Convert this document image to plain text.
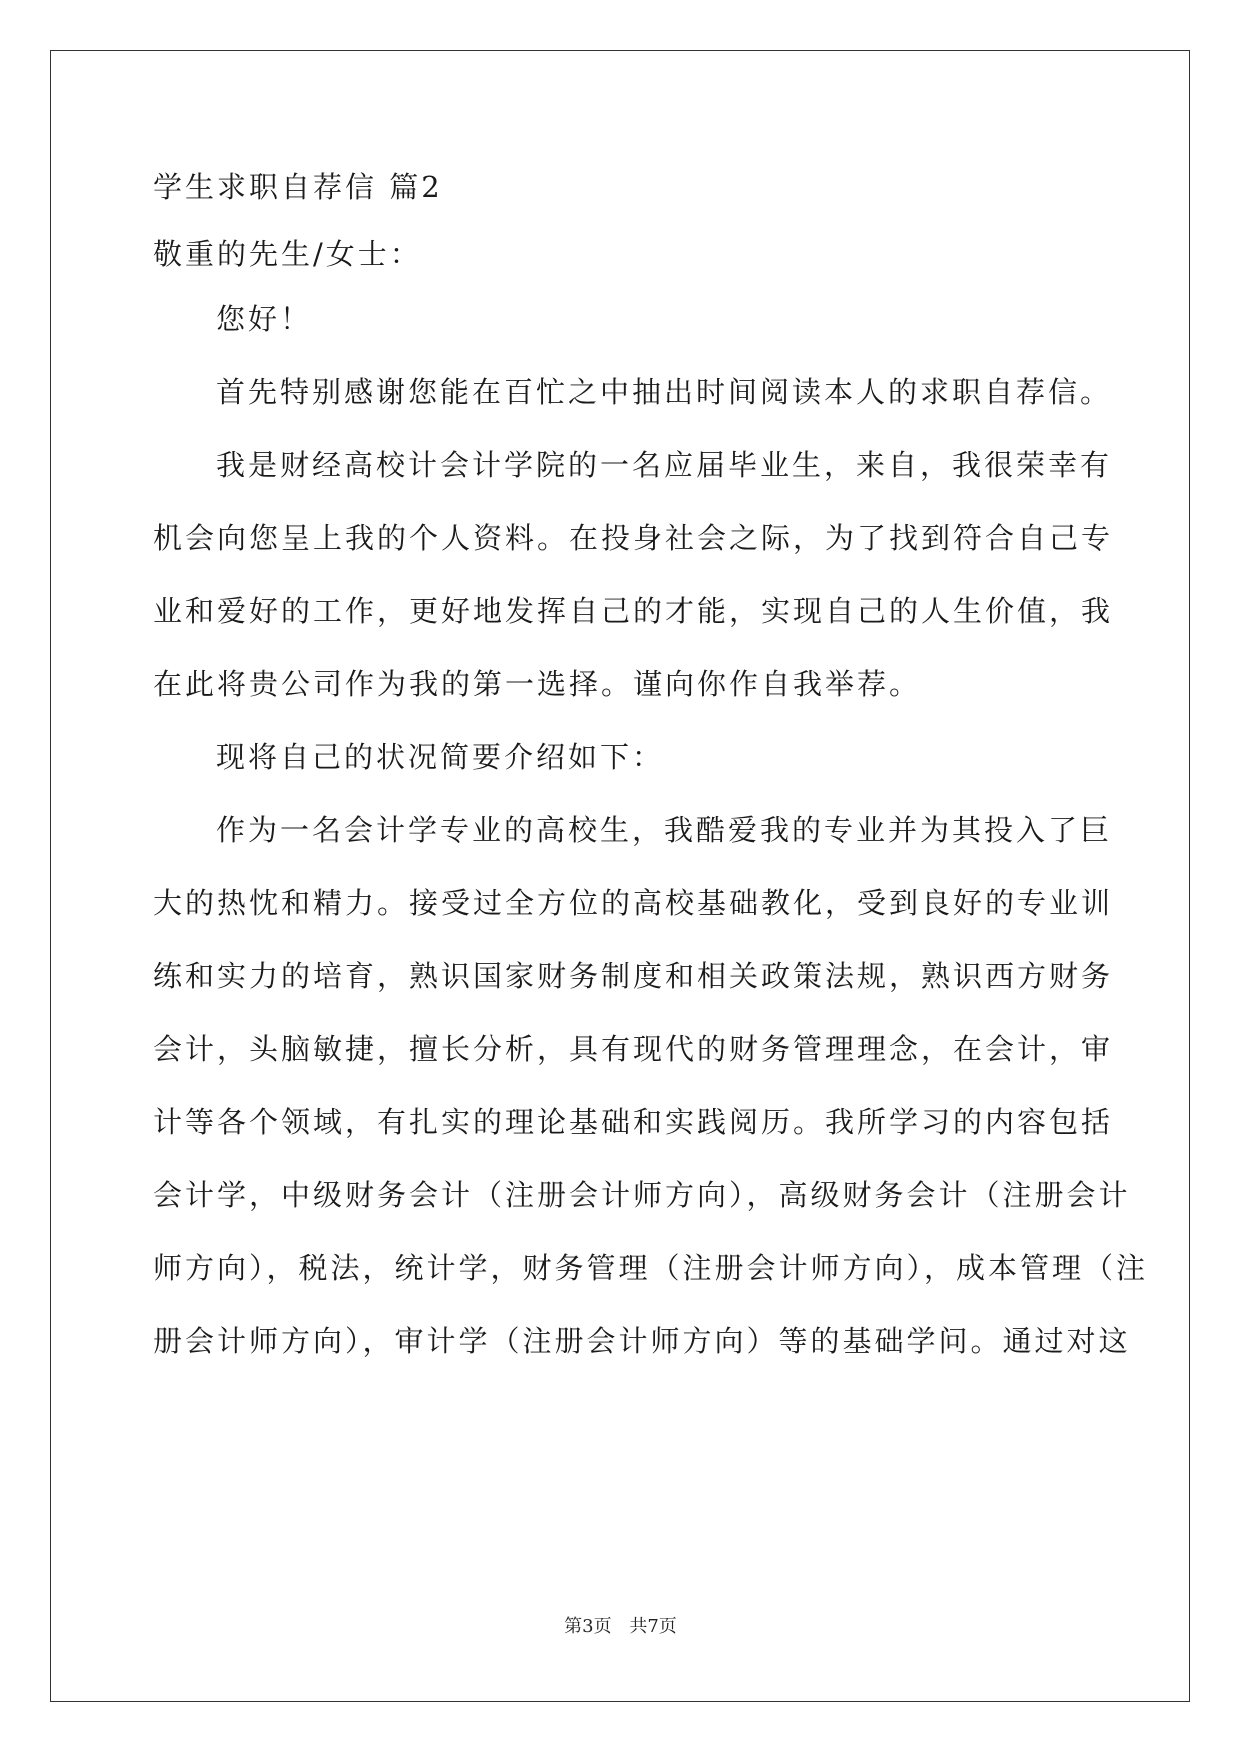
学生求职自荐信 篇2
敬重的先生/女士：
您好！
首先特别感谢您能在百忙之中抽出时间阅读本人的求职自荐信。
我是财经高校计会计学院的一名应届毕业生，来自，我很荣幸有
机会向您呈上我的个人资料。在投身社会之际，为了找到符合自己专
业和爱好的工作，更好地发挥自己的才能，实现自己的人生价值，我
在此将贵公司作为我的第一选择。谨向你作自我举荐。
现将自己的状况简要介绍如下：
作为一名会计学专业的高校生，我酷爱我的专业并为其投入了巨
大的热忱和精力。接受过全方位的高校基础教化，受到良好的专业训
练和实力的培育，熟识国家财务制度和相关政策法规，熟识西方财务
会计，头脑敏捷，擅长分析，具有现代的财务管理理念，在会计，审
计等各个领域，有扎实的理论基础和实践阅历。我所学习的内容包括
会计学，中级财务会计（注册会计师方向），高级财务会计（注册会计
师方向），税法，统计学，财务管理（注册会计师方向），成本管理（注
册会计师方向），审计学（注册会计师方向）等的基础学问。通过对这
第3页 共7页
